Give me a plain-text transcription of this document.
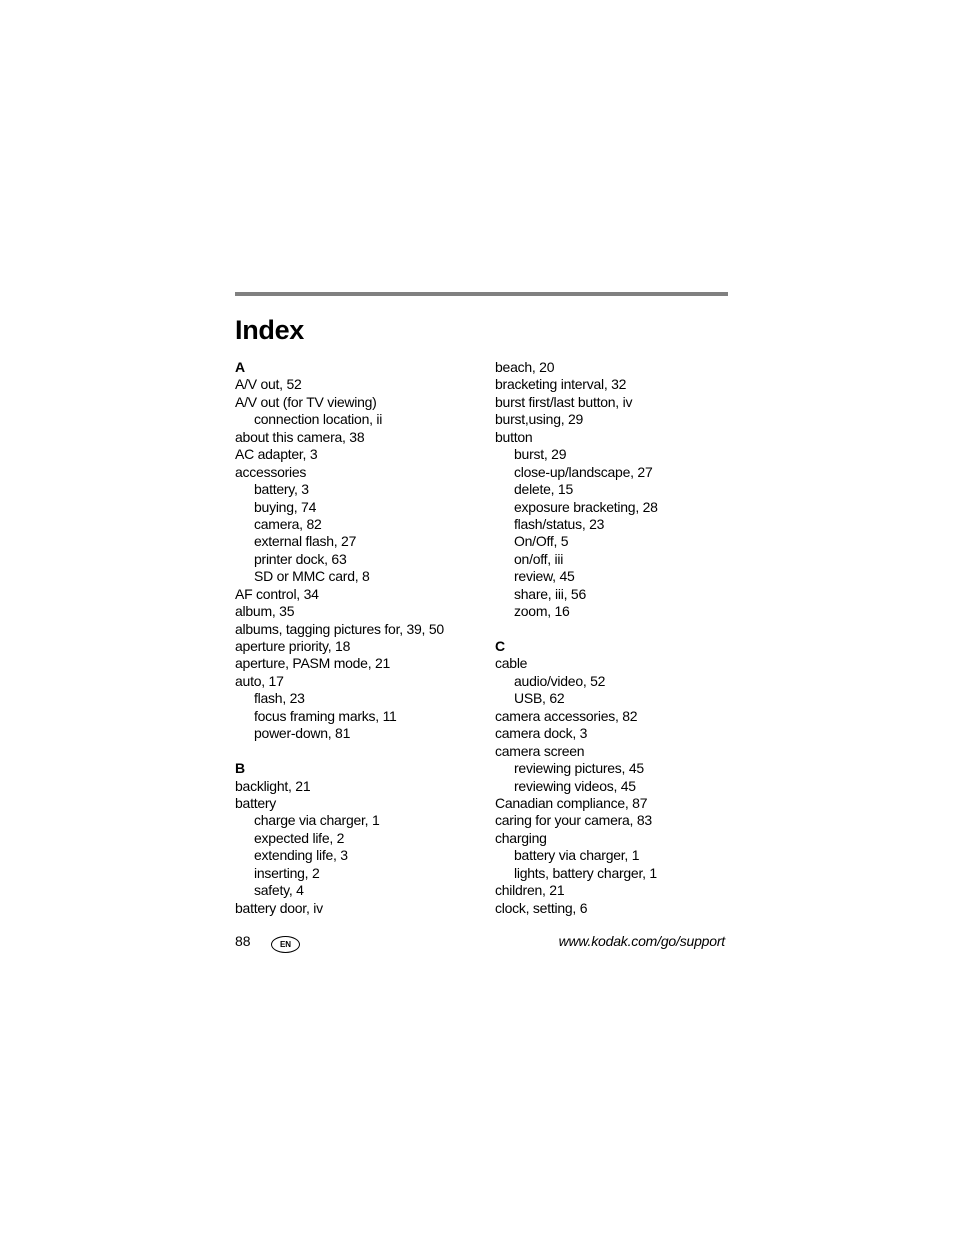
Index
A
A/V out, 52
A/V out (for TV viewing)
connection location, ii
about this camera, 38
AC adapter, 3
accessories
battery, 3
buying, 74
camera, 82
external flash, 27
printer dock, 63
SD or MMC card, 8
AF control, 34
album, 35
albums, tagging pictures for, 39, 50
aperture priority, 18
aperture, PASM mode, 21
auto, 17
flash, 23
focus framing marks, 11
power-down, 81
B
backlight, 21
battery
charge via charger, 1
expected life, 2
extending life, 3
inserting, 2
safety, 4
battery door, iv
beach, 20
bracketing interval, 32
burst first/last button, iv
burst,using, 29
button
burst, 29
close-up/landscape, 27
delete, 15
exposure bracketing, 28
flash/status, 23
On/Off, 5
on/off, iii
review, 45
share, iii, 56
zoom, 16
C
cable
audio/video, 52
USB, 62
camera accessories, 82
camera dock, 3
camera screen
reviewing pictures, 45
reviewing videos, 45
Canadian compliance, 87
caring for your camera, 83
charging
battery via charger, 1
lights, battery charger, 1
children, 21
clock, setting, 6
88	EN	www.kodak.com/go/support
